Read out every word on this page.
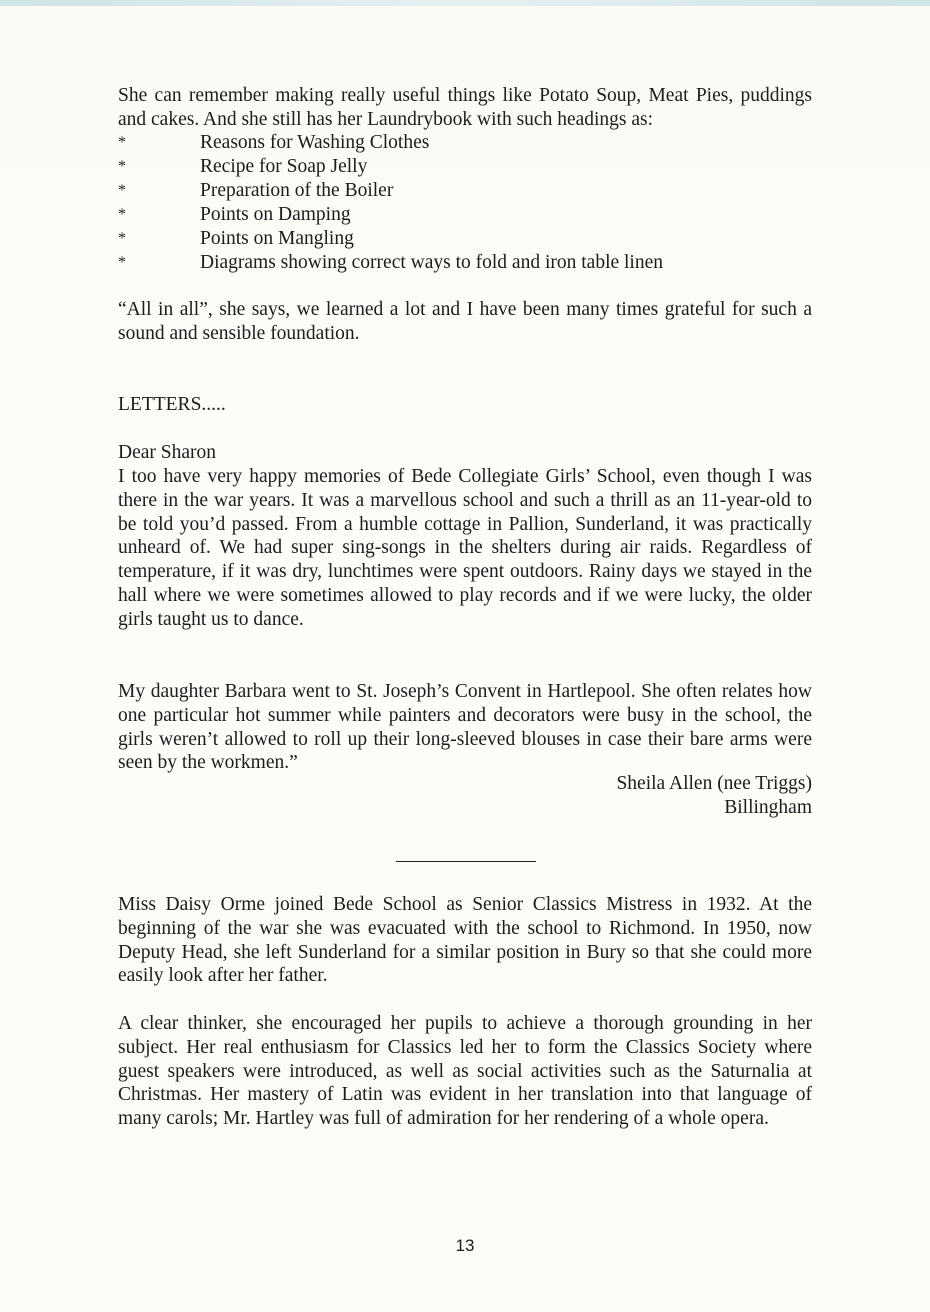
She can remember making really useful things like Potato Soup, Meat Pies, puddings and cakes. And she still has her Laundrybook with such headings as:

*	Reasons for Washing Clothes
*	Recipe for Soap Jelly
*	Preparation of the Boiler
*	Points on Damping
*	Points on Mangling
*	Diagrams showing correct ways to fold and iron table linen

“All in all”, she says, we learned a lot and I have been many times grateful for such a sound and sensible foundation.

LETTERS.....

Dear Sharon

I too have very happy memories of Bede Collegiate Girls’ School, even though I was there in the war years. It was a marvellous school and such a thrill as an 11-year-old to be told you’d passed. From a humble cottage in Pallion, Sunderland, it was practically unheard of. We had super sing-songs in the shelters during air raids. Regardless of temperature, if it was dry, lunchtimes were spent outdoors. Rainy days we stayed in the hall where we were sometimes allowed to play records and if we were lucky, the older girls taught us to dance.

My daughter Barbara went to St. Joseph’s Convent in Hartlepool. She often relates how one particular hot summer while painters and decorators were busy in the school, the girls weren’t allowed to roll up their long-sleeved blouses in case their bare arms were seen by the workmen.”

Sheila Allen (nee Triggs)
Billingham

Miss Daisy Orme joined Bede School as Senior Classics Mistress in 1932. At the beginning of the war she was evacuated with the school to Richmond. In 1950, now Deputy Head, she left Sunderland for a similar position in Bury so that she could more easily look after her father.

A clear thinker, she encouraged her pupils to achieve a thorough grounding in her subject. Her real enthusiasm for Classics led her to form the Classics Society where guest speakers were introduced, as well as social activities such as the Saturnalia at Christmas. Her mastery of Latin was evident in her translation into that language of many carols; Mr. Hartley was full of admiration for her rendering of a whole opera.

13
